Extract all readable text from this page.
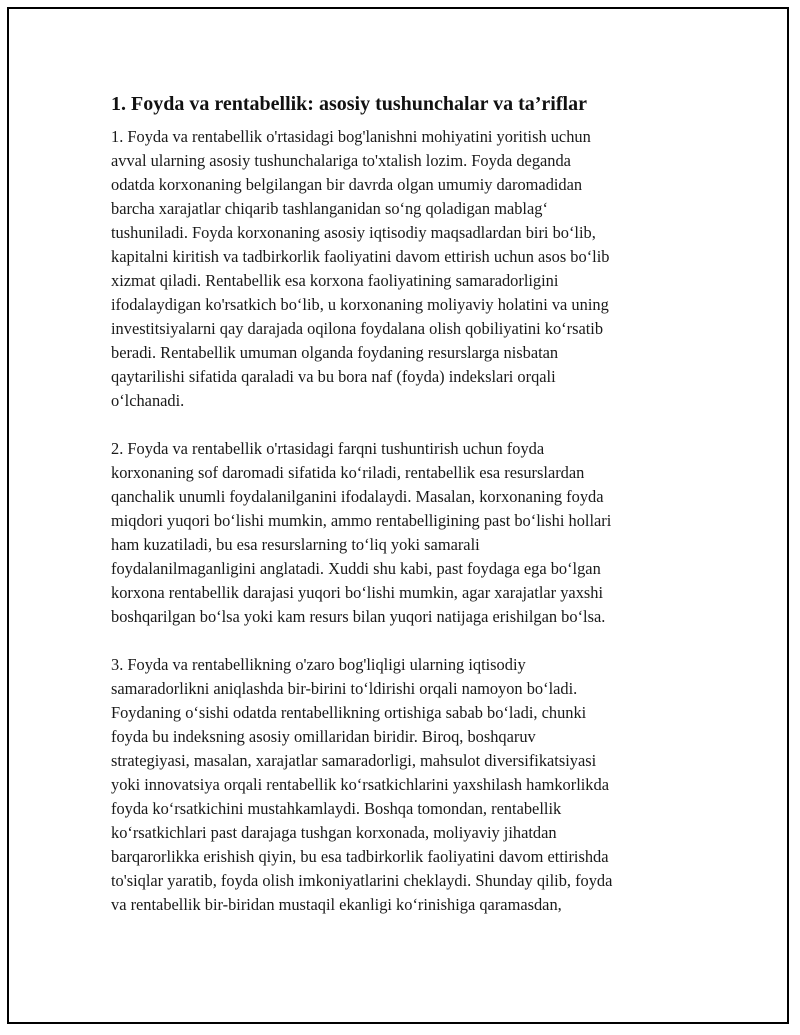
1. Foyda va rentabellik: asosiy tushunchalar va ta’riflar

1. Foyda va rentabellik o'rtasidagi bog'lanishni mohiyatini yoritish uchun
avval ularning asosiy tushunchalariga to'xtalish lozim. Foyda deganda
odatda korxonaning belgilangan bir davrda olgan umumiy daromadidan
barcha xarajatlar chiqarib tashlanganidan so‘ng qoladigan mablag‘
tushuniladi. Foyda korxonaning asosiy iqtisodiy maqsadlardan biri bo‘lib,
kapitalni kiritish va tadbirkorlik faoliyatini davom ettirish uchun asos bo‘lib
xizmat qiladi. Rentabellik esa korxona faoliyatining samaradorligini
ifodalaydigan ko'rsatkich bo‘lib, u korxonaning moliyaviy holatini va uning
investitsiyalarni qay darajada oqilona foydalana olish qobiliyatini ko‘rsatib
beradi. Rentabellik umuman olganda foydaning resurslarga nisbatan
qaytarilishi sifatida qaraladi va bu bora naf (foyda) indekslari orqali
o‘lchanadi.

2. Foyda va rentabellik o'rtasidagi farqni tushuntirish uchun foyda
korxonaning sof daromadi sifatida ko‘riladi, rentabellik esa resurslardan
qanchalik unumli foydalanilganini ifodalaydi. Masalan, korxonaning foyda
miqdori yuqori bo‘lishi mumkin, ammo rentabelligining past bo‘lishi hollari
ham kuzatiladi, bu esa resurslarning to‘liq yoki samarali
foydalanilmaganligini anglatadi. Xuddi shu kabi, past foydaga ega bo‘lgan
korxona rentabellik darajasi yuqori bo‘lishi mumkin, agar xarajatlar yaxshi
boshqarilgan bo‘lsa yoki kam resurs bilan yuqori natijaga erishilgan bo‘lsa.

3. Foyda va rentabellikning o'zaro bog'liqligi ularning iqtisodiy
samaradorlikni aniqlashda bir-birini to‘ldirishi orqali namoyon bo‘ladi.
Foydaning o‘sishi odatda rentabellikning ortishiga sabab bo‘ladi, chunki
foyda bu indeksning asosiy omillaridan biridir. Biroq, boshqaruv
strategiyasi, masalan, xarajatlar samaradorligi, mahsulot diversifikatsiyasi
yoki innovatsiya orqali rentabellik ko‘rsatkichlarini yaxshilash hamkorlikda
foyda ko‘rsatkichini mustahkamlaydi. Boshqa tomondan, rentabellik
ko‘rsatkichlari past darajaga tushgan korxonada, moliyaviy jihatdan
barqarorlikka erishish qiyin, bu esa tadbirkorlik faoliyatini davom ettirishda
to'siqlar yaratib, foyda olish imkoniyatlarini cheklaydi. Shunday qilib, foyda
va rentabellik bir-biridan mustaqil ekanligi ko‘rinishiga qaramasdan,
